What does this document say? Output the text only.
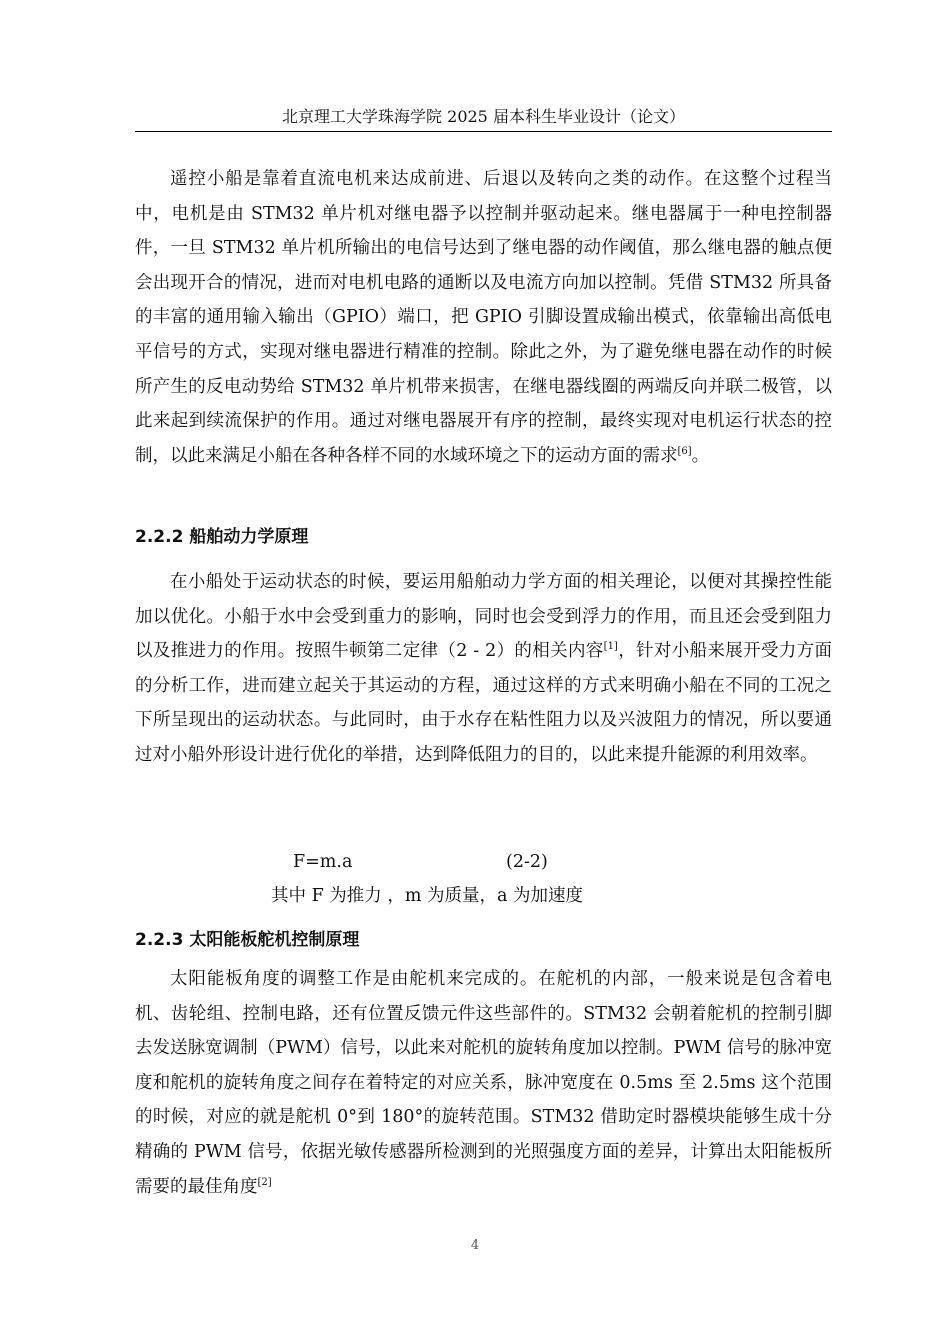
北京理工大学珠海学院 2025 届本科生毕业设计（论文）

遥控小船是靠着直流电机来达成前进、后退以及转向之类的动作。在这整个过程当中，电机是由 STM32 单片机对继电器予以控制并驱动起来。继电器属于一种电控制器件，一旦 STM32 单片机所输出的电信号达到了继电器的动作阈值，那么继电器的触点便会出现开合的情况，进而对电机电路的通断以及电流方向加以控制。凭借 STM32 所具备的丰富的通用输入输出（GPIO）端口，把 GPIO 引脚设置成输出模式，依靠输出高低电平信号的方式，实现对继电器进行精准的控制。除此之外，为了避免继电器在动作的时候所产生的反电动势给 STM32 单片机带来损害，在继电器线圈的两端反向并联二极管，以此来起到续流保护的作用。通过对继电器展开有序的控制，最终实现对电机运行状态的控制，以此来满足小船在各种各样不同的水域环境之下的运动方面的需求[6]。

2.2.2 船舶动力学原理

在小船处于运动状态的时候，要运用船舶动力学方面的相关理论，以便对其操控性能加以优化。小船于水中会受到重力的影响，同时也会受到浮力的作用，而且还会受到阻力以及推进力的作用。按照牛顿第二定律（2 - 2）的相关内容[1]，针对小船来展开受力方面的分析工作，进而建立起关于其运动的方程，通过这样的方式来明确小船在不同的工况之下所呈现出的运动状态。与此同时，由于水存在粘性阻力以及兴波阻力的情况，所以要通过对小船外形设计进行优化的举措，达到降低阻力的目的，以此来提升能源的利用效率。

F=m.a	(2-2)
其中 F 为推力 ，m 为质量，a 为加速度
2.2.3 太阳能板舵机控制原理

太阳能板角度的调整工作是由舵机来完成的。在舵机的内部，一般来说是包含着电机、齿轮组、控制电路，还有位置反馈元件这些部件的。STM32 会朝着舵机的控制引脚去发送脉宽调制（PWM）信号，以此来对舵机的旋转角度加以控制。PWM 信号的脉冲宽度和舵机的旋转角度之间存在着特定的对应关系，脉冲宽度在 0.5ms 至 2.5ms 这个范围的时候，对应的就是舵机 0°到 180°的旋转范围。STM32 借助定时器模块能够生成十分精确的 PWM 信号，依据光敏传感器所检测到的光照强度方面的差异，计算出太阳能板所需要的最佳角度[2]

4
